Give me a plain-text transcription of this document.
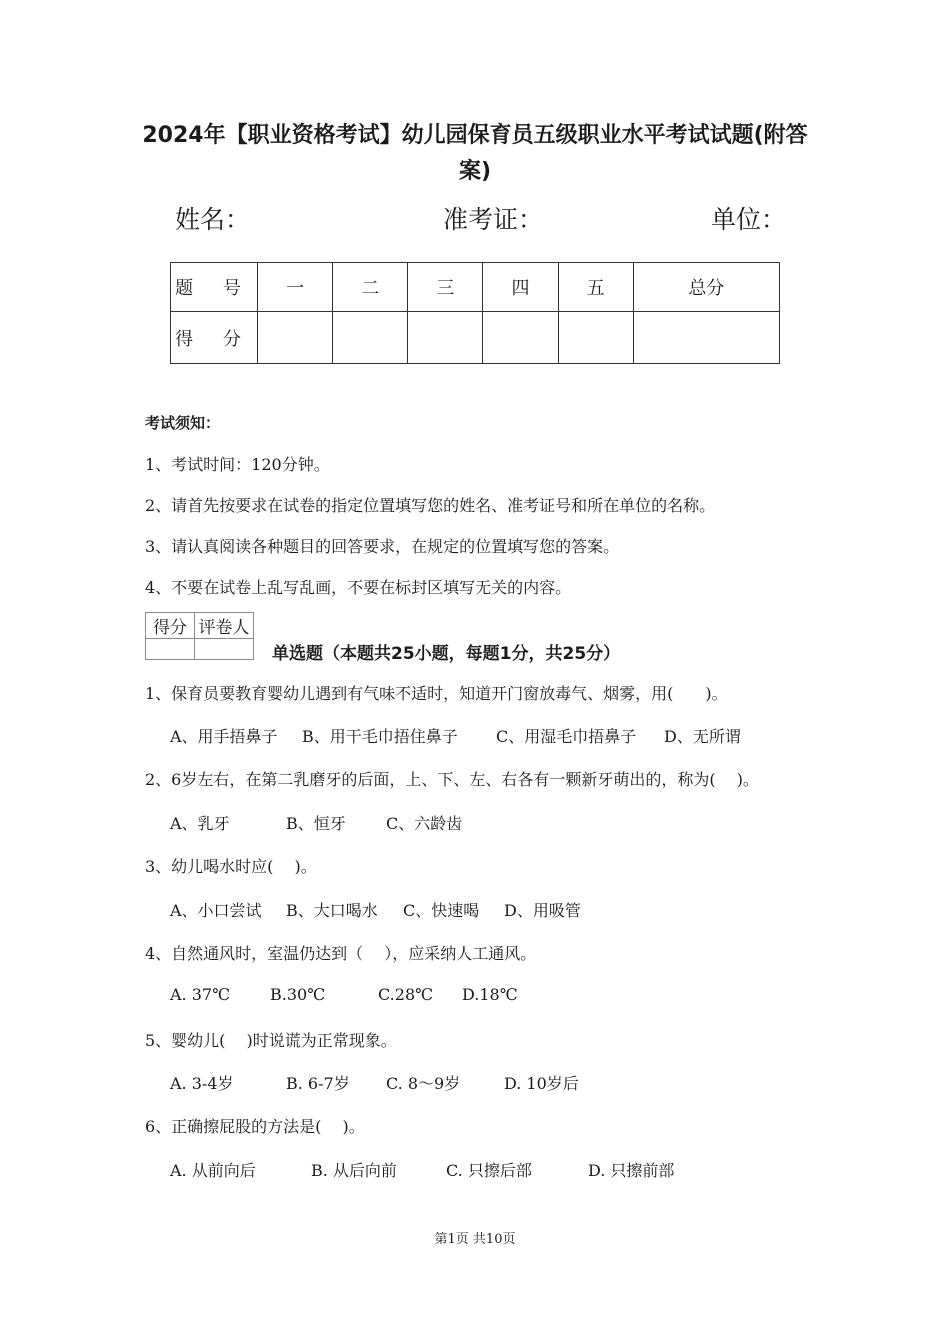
2024年【职业资格考试】幼儿园保育员五级职业水平考试试题(附答案)
姓名：	准考证：	单位：
题 号	一	二	三	四	五	总分
得 分						
考试须知：
1、考试时间：120分钟。
2、请首先按要求在试卷的指定位置填写您的姓名、准考证号和所在单位的名称。
3、请认真阅读各种题目的回答要求，在规定的位置填写您的答案。
4、不要在试卷上乱写乱画，不要在标封区填写无关的内容。
得分	评卷人

单选题（本题共25小题，每题1分，共25分）
1、保育员要教育婴幼儿遇到有气味不适时，知道开门窗放毒气、烟雾，用(　　)。
A、用手捂鼻子 B、用干毛巾捂住鼻子 C、用湿毛巾捂鼻子 D、无所谓
2、6岁左右，在第二乳磨牙的后面，上、下、左、右各有一颗新牙萌出的，称为(　 )。
A、乳牙	B、恒牙	C、六龄齿
3、幼儿喝水时应(　 )。
A、小口尝试 B、大口喝水 C、快速喝 D、用吸管
4、自然通风时，室温仍达到（　 ），应采纳人工通风。
A. 37℃	B.30℃	C.28℃ D.18℃
5、婴幼儿(　 )时说谎为正常现象。
A. 3-4岁	B. 6-7岁 C. 8～9岁	D. 10岁后
6、正确擦屁股的方法是(　 )。
A. 从前向后	B. 从后向前	C. 只擦后部	D. 只擦前部
第1页 共10页
